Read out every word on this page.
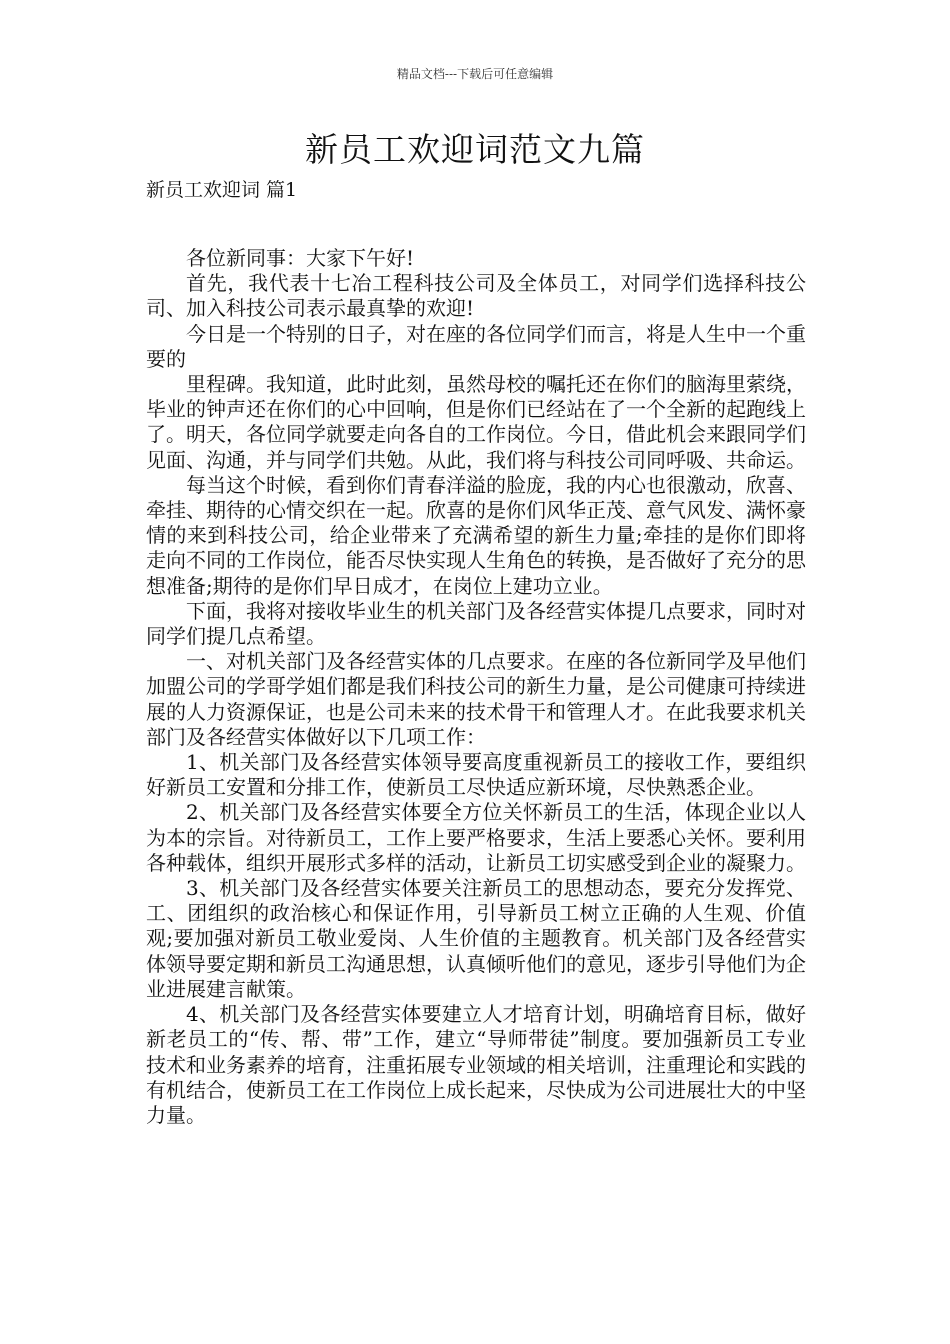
精品文档---下载后可任意编辑
新员工欢迎词范文九篇
新员工欢迎词 篇1

各位新同事：大家下午好!

首先，我代表十七冶工程科技公司及全体员工，对同学们选择科技公司、加入科技公司表示最真挚的欢迎!

今日是一个特别的日子，对在座的各位同学们而言，将是人生中一个重要的

里程碑。我知道，此时此刻，虽然母校的嘱托还在你们的脑海里萦绕，毕业的钟声还在你们的心中回响，但是你们已经站在了一个全新的起跑线上了。明天，各位同学就要走向各自的工作岗位。今日，借此机会来跟同学们见面、沟通，并与同学们共勉。从此，我们将与科技公司同呼吸、共命运。

每当这个时候，看到你们青春洋溢的脸庞，我的内心也很激动，欣喜、牵挂、期待的心情交织在一起。欣喜的是你们风华正茂、意气风发、满怀豪情的来到科技公司，给企业带来了充满希望的新生力量;牵挂的是你们即将走向不同的工作岗位，能否尽快实现人生角色的转换，是否做好了充分的思想准备;期待的是你们早日成才，在岗位上建功立业。

下面，我将对接收毕业生的机关部门及各经营实体提几点要求，同时对同学们提几点希望。

一、对机关部门及各经营实体的几点要求。在座的各位新同学及早他们加盟公司的学哥学姐们都是我们科技公司的新生力量，是公司健康可持续进展的人力资源保证，也是公司未来的技术骨干和管理人才。在此我要求机关部门及各经营实体做好以下几项工作：

1、机关部门及各经营实体领导要高度重视新员工的接收工作，要组织好新员工安置和分排工作，使新员工尽快适应新环境，尽快熟悉企业。

2、机关部门及各经营实体要全方位关怀新员工的生活，体现企业以人为本的宗旨。对待新员工，工作上要严格要求，生活上要悉心关怀。要利用各种载体，组织开展形式多样的活动，让新员工切实感受到企业的凝聚力。

3、机关部门及各经营实体要关注新员工的思想动态，要充分发挥党、工、团组织的政治核心和保证作用，引导新员工树立正确的人生观、价值观;要加强对新员工敬业爱岗、人生价值的主题教育。机关部门及各经营实体领导要定期和新员工沟通思想，认真倾听他们的意见，逐步引导他们为企业进展建言献策。

4、机关部门及各经营实体要建立人才培育计划，明确培育目标，做好新老员工的“传、帮、带”工作，建立“导师带徒”制度。要加强新员工专业技术和业务素养的培育，注重拓展专业领域的相关培训，注重理论和实践的有机结合，使新员工在工作岗位上成长起来，尽快成为公司进展壮大的中坚力量。
